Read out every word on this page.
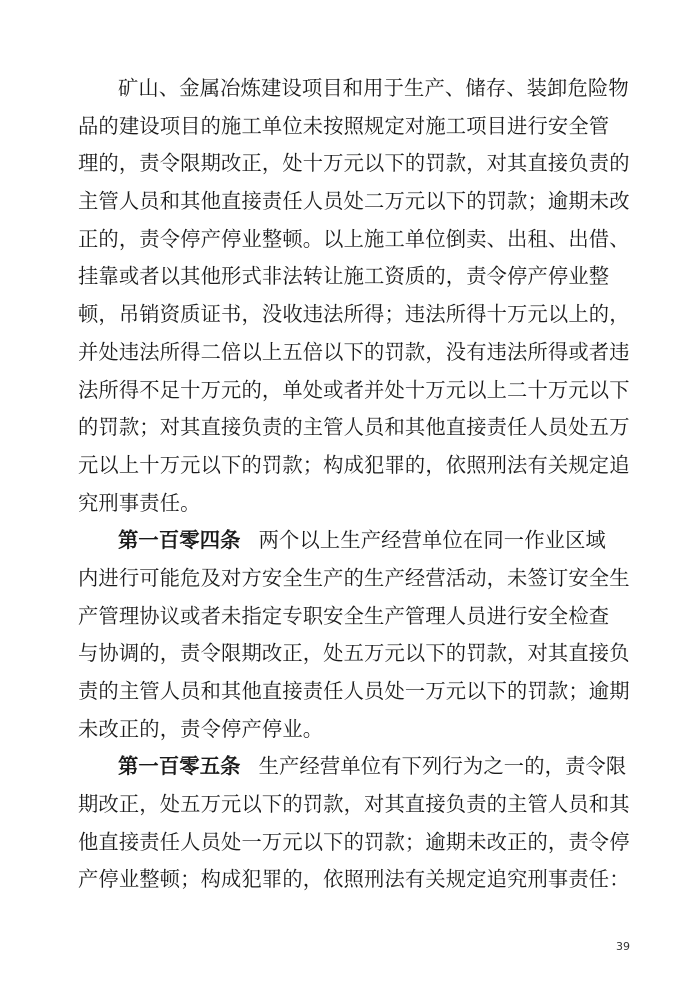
矿山、金属冶炼建设项目和用于生产、储存、装卸危险物
品的建设项目的施工单位未按照规定对施工项目进行安全管
理的，责令限期改正，处十万元以下的罚款，对其直接负责的
主管人员和其他直接责任人员处二万元以下的罚款；逾期未改
正的，责令停产停业整顿。以上施工单位倒卖、出租、出借、
挂靠或者以其他形式非法转让施工资质的，责令停产停业整
顿，吊销资质证书，没收违法所得；违法所得十万元以上的，
并处违法所得二倍以上五倍以下的罚款，没有违法所得或者违
法所得不足十万元的，单处或者并处十万元以上二十万元以下
的罚款；对其直接负责的主管人员和其他直接责任人员处五万
元以上十万元以下的罚款；构成犯罪的，依照刑法有关规定追
究刑事责任。

第一百零四条 两个以上生产经营单位在同一作业区域
内进行可能危及对方安全生产的生产经营活动，未签订安全生
产管理协议或者未指定专职安全生产管理人员进行安全检查
与协调的，责令限期改正，处五万元以下的罚款，对其直接负
责的主管人员和其他直接责任人员处一万元以下的罚款；逾期
未改正的，责令停产停业。

第一百零五条 生产经营单位有下列行为之一的，责令限
期改正，处五万元以下的罚款，对其直接负责的主管人员和其
他直接责任人员处一万元以下的罚款；逾期未改正的，责令停
产停业整顿；构成犯罪的，依照刑法有关规定追究刑事责任：

39
